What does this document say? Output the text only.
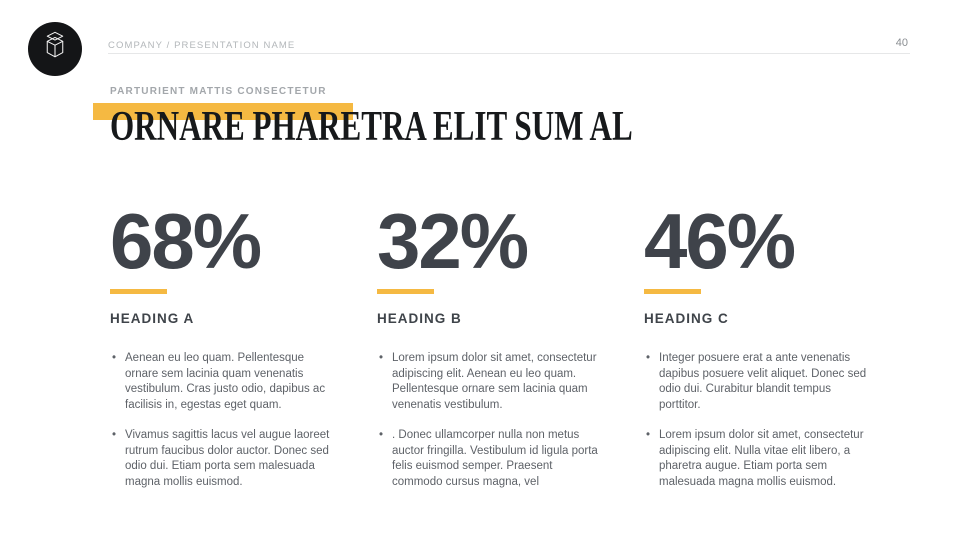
COMPANY / PRESENTATION NAME	40
PARTURIENT MATTIS CONSECTETUR
ORNARE PHARETRA ELIT SUM AL
68%
HEADING A
• Aenean eu leo quam. Pellentesque ornare sem lacinia quam venenatis vestibulum. Cras justo odio, dapibus ac facilisis in, egestas eget quam.
• Vivamus sagittis lacus vel augue laoreet rutrum faucibus dolor auctor. Donec sed odio dui. Etiam porta sem malesuada magna mollis euismod.
32%
HEADING B
• Lorem ipsum dolor sit amet, consectetur adipiscing elit. Aenean eu leo quam. Pellentesque ornare sem lacinia quam venenatis vestibulum.
• . Donec ullamcorper nulla non metus auctor fringilla. Vestibulum id ligula porta felis euismod semper. Praesent commodo cursus magna, vel
46%
HEADING C
• Integer posuere erat a ante venenatis dapibus posuere velit aliquet. Donec sed odio dui. Curabitur blandit tempus porttitor.
• Lorem ipsum dolor sit amet, consectetur adipiscing elit. Nulla vitae elit libero, a pharetra augue. Etiam porta sem malesuada magna mollis euismod.
